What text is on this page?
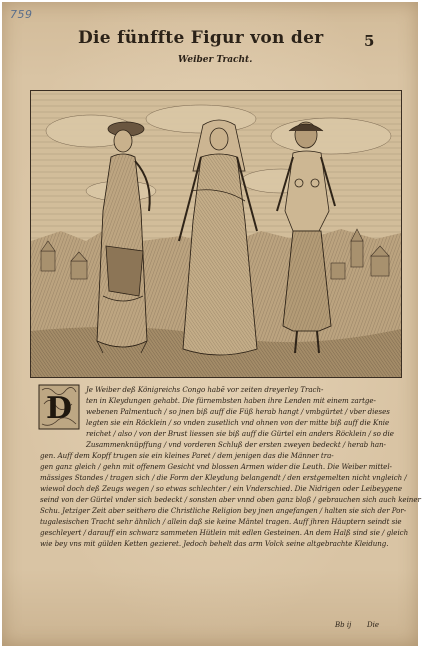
759
Die fünffte Figur von der	5
Weiber Tracht.
D
Je Weiber deß Königreichs Congo habē vor zeiten dreyerley Trach-
ten in Kleydungen gehabt. Die fürnembsten haben ihre Lenden mit einem zartge-
webenen Palmentuch / so jnen biß auff die Füß herab hangt / vmbgürtet / vber dieses
legten sie ein Röcklein / so vnden zusetlich vnd ohnen von der mitte biß auff die Knie
reichet / also / von der Brust liessen sie biß auff die Gürtel ein anders Röcklein / so die
Zusammenknüpffung / vnd vorderen Schluß der ersten zweyen bedeckt / herab han-
gen. Auff dem Kopff trugen sie ein kleines Paret / dem jenigen das die Männer tra-
gen ganz gleich / gehn mit offenem Gesicht vnd blossen Armen wider die Leuth. Die Weiber mittel-
mässiges Standes / tragen sich / die Form der Kleydung belangendt / den erstgemelten nicht vngleich /
wiewol doch deß Zeugs wegen / so etwas schlechter / ein Vnderschied. Die Nidrigen oder Leibeygene
seind von der Gürtel vnder sich bedeckt / sonsten aber vnnd oben ganz bloß / gebrauchen sich auch keiner
Schu. Jetziger Zeit aber seithero die Christliche Religion bey jnen angefangen / halten sie sich der Por-
tugalesischen Tracht sehr ähnlich / allein daß sie keine Mäntel tragen. Auff jhren Häuptern seindt sie
geschleyert / darauff ein schwarz sammeten Hütlein mit edlen Gesteinen. An dem Halß sind sie / gleich
wie bey vns mit gülden Ketten gezieret. Jedoch behelt das arm Volck seine altgebrachte Kleidung.
Bb ij Die
